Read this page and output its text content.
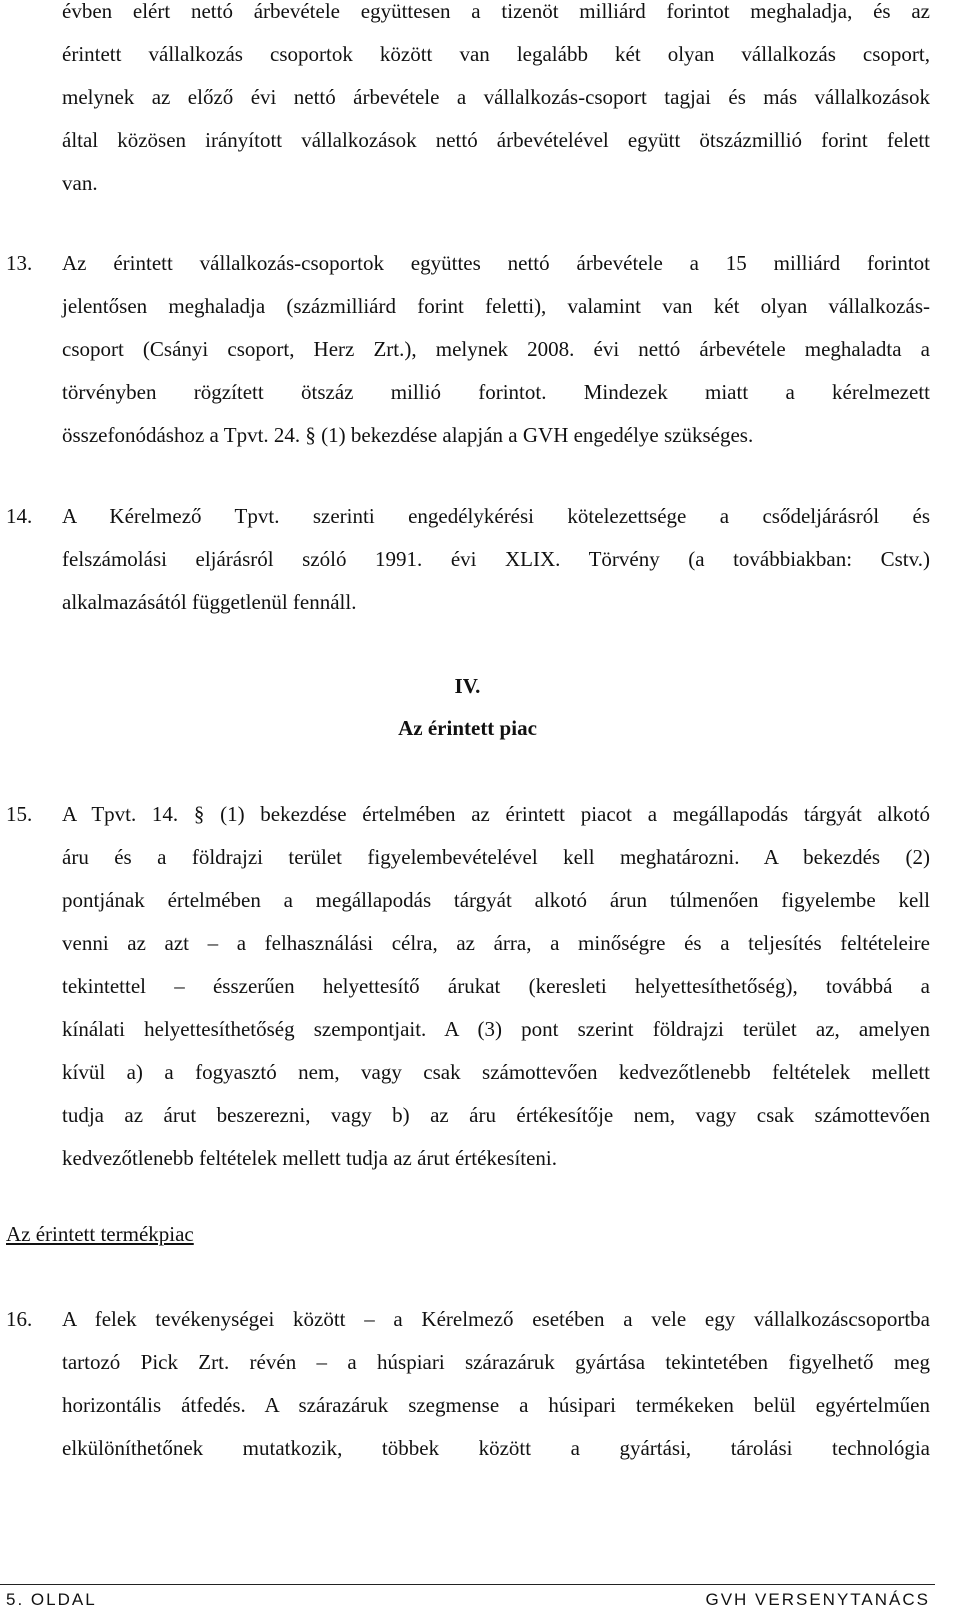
évben elért nettó árbevétele együttesen a tizenöt milliárd forintot meghaladja, és az
érintett vállalkozás csoportok között van legalább két olyan vállalkozás csoport,
melynek az előző évi nettó árbevétele a vállalkozás-csoport tagjai és más vállalkozások
által közösen irányított vállalkozások nettó árbevételével együtt ötszázmillió forint felett
van.
13. Az érintett vállalkozás-csoportok együttes nettó árbevétele a 15 milliárd forintot
jelentősen meghaladja (százmilliárd forint feletti), valamint van két olyan vállalkozás-
csoport (Csányi csoport, Herz Zrt.), melynek 2008. évi nettó árbevétele meghaladta a
törvényben rögzített ötszáz millió forintot. Mindezek miatt a kérelmezett
összefonódáshoz a Tpvt. 24. § (1) bekezdése alapján a GVH engedélye szükséges.
14. A Kérelmező Tpvt. szerinti engedélykérési kötelezettsége a csődeljárásról és
felszámolási eljárásról szóló 1991. évi XLIX. Törvény (a továbbiakban: Cstv.)
alkalmazásától függetlenül fennáll.
IV.
Az érintett piac
15. A Tpvt. 14. § (1) bekezdése értelmében az érintett piacot a megállapodás tárgyát alkotó
áru és a földrajzi terület figyelembevételével kell meghatározni. A bekezdés (2)
pontjának értelmében a megállapodás tárgyát alkotó árun túlmenően figyelembe kell
venni az azt – a felhasználási célra, az árra, a minőségre és a teljesítés feltételeire
tekintettel – ésszerűen helyettesítő árukat (keresleti helyettesíthetőség), továbbá a
kínálati helyettesíthetőség szempontjait. A (3) pont szerint földrajzi terület az, amelyen
kívül a) a fogyasztó nem, vagy csak számottevően kedvezőtlenebb feltételek mellett
tudja az árut beszerezni, vagy b) az áru értékesítője nem, vagy csak számottevően
kedvezőtlenebb feltételek mellett tudja az árut értékesíteni.
Az érintett termékpiac
16. A felek tevékenységei között – a Kérelmező esetében a vele egy vállalkozáscsoportba
tartozó Pick Zrt. révén – a húspiari szárazáruk gyártása tekintetében figyelhető meg
horizontális átfedés. A szárazáruk szegmense a húsipari termékeken belül egyértelműen
elkülöníthetőnek mutatkozik, többek között a gyártási, tárolási technológia
5. OLDAL	GVH VERSENYTANÁCS
